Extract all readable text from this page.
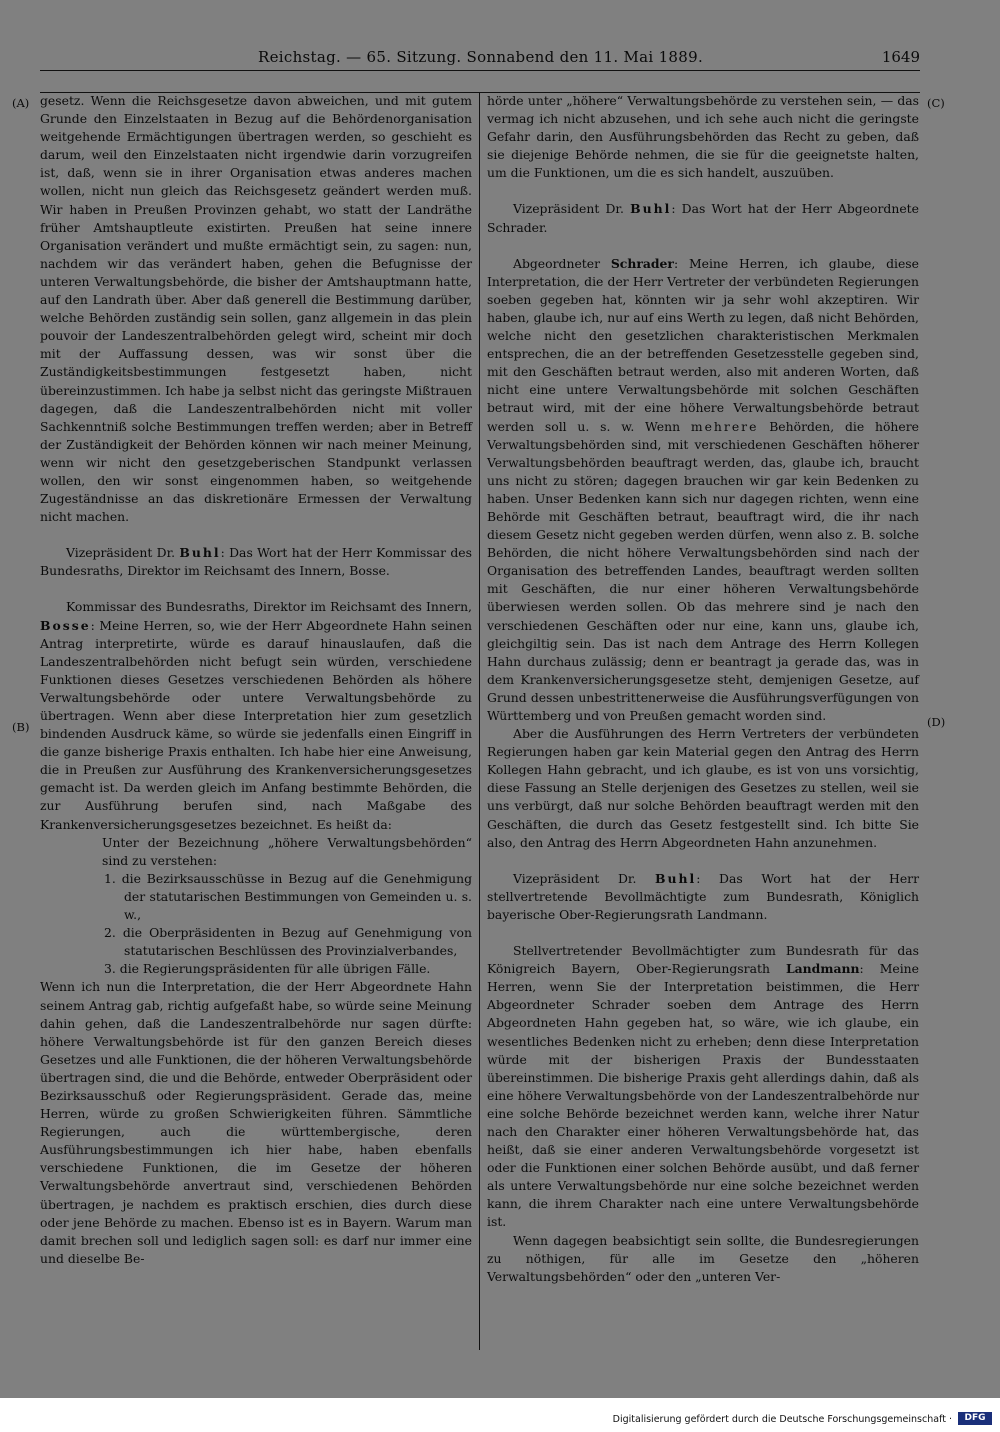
Reichstag. — 65. Sitzung. Sonnabend den 11. Mai 1889.	1649
(A)
(B)
(C)
(D)

gesetz. Wenn die Reichsgesetze davon abweichen, und mit gutem Grunde den Einzelstaaten in Bezug auf die Behördenorganisation weitgehende Ermächtigungen übertragen werden, so geschieht es darum, weil den Einzelstaaten nicht irgendwie darin vorzugreifen ist, daß, wenn sie in ihrer Organisation etwas anderes machen wollen, nicht nun gleich das Reichsgesetz geändert werden muß. Wir haben in Preußen Provinzen gehabt, wo statt der Landräthe früher Amtshauptleute existirten. Preußen hat seine innere Organisation verändert und mußte ermächtigt sein, zu sagen: nun, nachdem wir das verändert haben, gehen die Befugnisse der unteren Verwaltungsbehörde, die bisher der Amtshauptmann hatte, auf den Landrath über. Aber daß generell die Bestimmung darüber, welche Behörden zuständig sein sollen, ganz allgemein in das plein pouvoir der Landeszentralbehörden gelegt wird, scheint mir doch mit der Auffassung dessen, was wir sonst über die Zuständigkeitsbestimmungen festgesetzt haben, nicht übereinzustimmen. Ich habe ja selbst nicht das geringste Mißtrauen dagegen, daß die Landeszentralbehörden nicht mit voller Sachkenntniß solche Bestimmungen treffen werden; aber in Betreff der Zuständigkeit der Behörden können wir nach meiner Meinung, wenn wir nicht den gesetzgeberischen Standpunkt verlassen wollen, den wir sonst eingenommen haben, so weitgehende Zugeständnisse an das diskretionäre Ermessen der Verwaltung nicht machen.

Vizepräsident Dr. Buhl: Das Wort hat der Herr Kommissar des Bundesraths, Direktor im Reichsamt des Innern, Bosse.

Kommissar des Bundesraths, Direktor im Reichsamt des Innern, Bosse: Meine Herren, so, wie der Herr Abgeordnete Hahn seinen Antrag interpretirte, würde es darauf hinauslaufen, daß die Landeszentralbehörden nicht befugt sein würden, verschiedene Funktionen dieses Gesetzes verschiedenen Behörden als höhere Verwaltungsbehörde oder untere Verwaltungsbehörde zu übertragen. Wenn aber diese Interpretation hier zum gesetzlich bindenden Ausdruck käme, so würde sie jedenfalls einen Eingriff in die ganze bisherige Praxis enthalten. Ich habe hier eine Anweisung, die in Preußen zur Ausführung des Krankenversicherungsgesetzes gemacht ist. Da werden gleich im Anfang bestimmte Behörden, die zur Ausführung berufen sind, nach Maßgabe des Krankenversicherungsgesetzes bezeichnet. Es heißt da:

Unter der Bezeichnung „höhere Verwaltungsbehörden“ sind zu verstehen:

1. die Bezirksausschüsse in Bezug auf die Genehmigung der statutarischen Bestimmungen von Gemeinden u. s. w.,

2. die Oberpräsidenten in Bezug auf Genehmigung von statutarischen Beschlüssen des Provinzialverbandes,

3. die Regierungspräsidenten für alle übrigen Fälle.

Wenn ich nun die Interpretation, die der Herr Abgeordnete Hahn seinem Antrag gab, richtig aufgefaßt habe, so würde seine Meinung dahin gehen, daß die Landeszentralbehörde nur sagen dürfte: höhere Verwaltungsbehörde ist für den ganzen Bereich dieses Gesetzes und alle Funktionen, die der höheren Verwaltungsbehörde übertragen sind, die und die Behörde, entweder Oberpräsident oder Bezirksausschuß oder Regierungspräsident. Gerade das, meine Herren, würde zu großen Schwierigkeiten führen. Sämmtliche Regierungen, auch die württembergische, deren Ausführungsbestimmungen ich hier habe, haben ebenfalls verschiedene Funktionen, die im Gesetze der höheren Verwaltungsbehörde anvertraut sind, verschiedenen Behörden übertragen, je nachdem es praktisch erschien, dies durch diese oder jene Behörde zu machen. Ebenso ist es in Bayern. Warum man damit brechen soll und lediglich sagen soll: es darf nur immer eine und dieselbe Be-

hörde unter „höhere“ Verwaltungsbehörde zu verstehen sein, — das vermag ich nicht abzusehen, und ich sehe auch nicht die geringste Gefahr darin, den Ausführungsbehörden das Recht zu geben, daß sie diejenige Behörde nehmen, die sie für die geeignetste halten, um die Funktionen, um die es sich handelt, auszuüben.

Vizepräsident Dr. Buhl: Das Wort hat der Herr Abgeordnete Schrader.

Abgeordneter Schrader: Meine Herren, ich glaube, diese Interpretation, die der Herr Vertreter der verbündeten Regierungen soeben gegeben hat, könnten wir ja sehr wohl akzeptiren. Wir haben, glaube ich, nur auf eins Werth zu legen, daß nicht Behörden, welche nicht den gesetzlichen charakteristischen Merkmalen entsprechen, die an der betreffenden Gesetzesstelle gegeben sind, mit den Geschäften betraut werden, also mit anderen Worten, daß nicht eine untere Verwaltungsbehörde mit solchen Geschäften betraut wird, mit der eine höhere Verwaltungsbehörde betraut werden soll u. s. w. Wenn mehrere Behörden, die höhere Verwaltungsbehörden sind, mit verschiedenen Geschäften höherer Verwaltungsbehörden beauftragt werden, das, glaube ich, braucht uns nicht zu stören; dagegen brauchen wir gar kein Bedenken zu haben. Unser Bedenken kann sich nur dagegen richten, wenn eine Behörde mit Geschäften betraut, beauftragt wird, die ihr nach diesem Gesetz nicht gegeben werden dürfen, wenn also z. B. solche Behörden, die nicht höhere Verwaltungsbehörden sind nach der Organisation des betreffenden Landes, beauftragt werden sollten mit Geschäften, die nur einer höheren Verwaltungsbehörde überwiesen werden sollen. Ob das mehrere sind je nach den verschiedenen Geschäften oder nur eine, kann uns, glaube ich, gleichgiltig sein. Das ist nach dem Antrage des Herrn Kollegen Hahn durchaus zulässig; denn er beantragt ja gerade das, was in dem Krankenversicherungsgesetze steht, demjenigen Gesetze, auf Grund dessen unbestrittenerweise die Ausführungsverfügungen von Württemberg und von Preußen gemacht worden sind.

Aber die Ausführungen des Herrn Vertreters der verbündeten Regierungen haben gar kein Material gegen den Antrag des Herrn Kollegen Hahn gebracht, und ich glaube, es ist von uns vorsichtig, diese Fassung an Stelle derjenigen des Gesetzes zu stellen, weil sie uns verbürgt, daß nur solche Behörden beauftragt werden mit den Geschäften, die durch das Gesetz festgestellt sind. Ich bitte Sie also, den Antrag des Herrn Abgeordneten Hahn anzunehmen.

Vizepräsident Dr. Buhl: Das Wort hat der Herr stellvertretende Bevollmächtigte zum Bundesrath, Königlich bayerische Ober-Regierungsrath Landmann.

Stellvertretender Bevollmächtigter zum Bundesrath für das Königreich Bayern, Ober-Regierungsrath Landmann: Meine Herren, wenn Sie der Interpretation beistimmen, die Herr Abgeordneter Schrader soeben dem Antrage des Herrn Abgeordneten Hahn gegeben hat, so wäre, wie ich glaube, ein wesentliches Bedenken nicht zu erheben; denn diese Interpretation würde mit der bisherigen Praxis der Bundesstaaten übereinstimmen. Die bisherige Praxis geht allerdings dahin, daß als eine höhere Verwaltungsbehörde von der Landeszentralbehörde nur eine solche Behörde bezeichnet werden kann, welche ihrer Natur nach den Charakter einer höheren Verwaltungsbehörde hat, das heißt, daß sie einer anderen Verwaltungsbehörde vorgesetzt ist oder die Funktionen einer solchen Behörde ausübt, und daß ferner als untere Verwaltungsbehörde nur eine solche bezeichnet werden kann, die ihrem Charakter nach eine untere Verwaltungsbehörde ist.

Wenn dagegen beabsichtigt sein sollte, die Bundesregierungen zu nöthigen, für alle im Gesetze den „höheren Verwaltungsbehörden“ oder den „unteren Ver-

Digitalisierung gefördert durch die Deutsche Forschungsgemeinschaft ·	DFG
